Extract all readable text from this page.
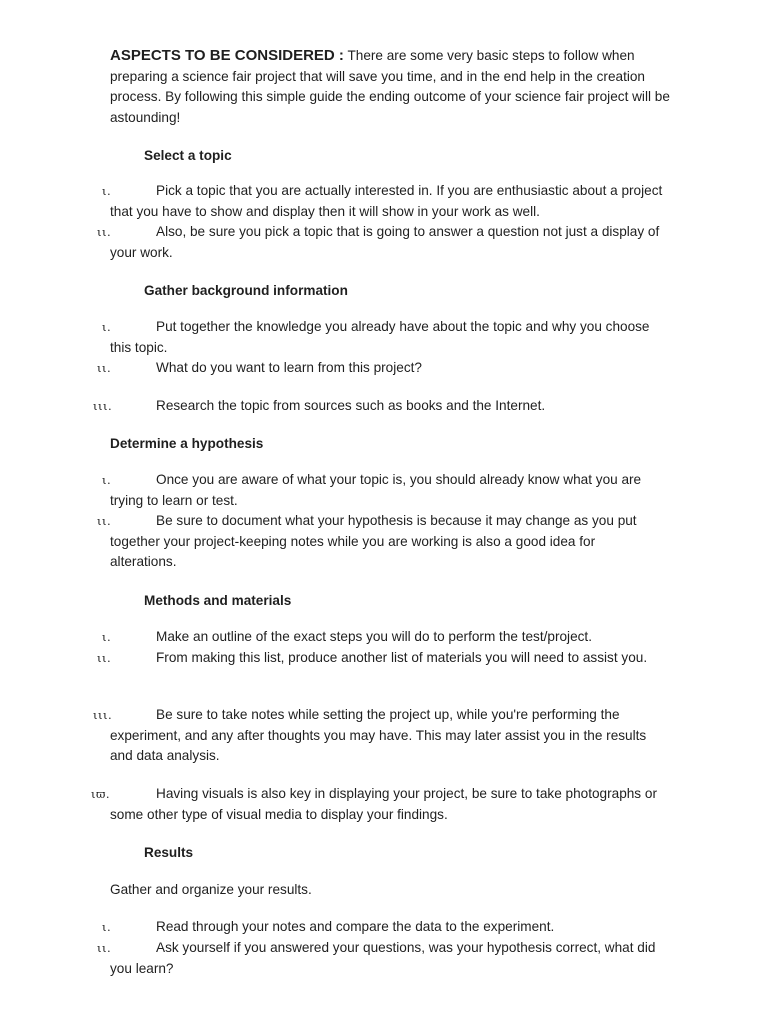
ASPECTS TO BE CONSIDERED : There are some very basic steps to follow when preparing a science fair project that will save you time, and in the end help in the creation process. By following this simple guide the ending outcome of your science fair project will be astounding!
Select a topic
ι.	Pick a topic that you are actually interested in. If you are enthusiastic about a project that you have to show and display then it will show in your work as well.
ιι.	Also, be sure you pick a topic that is going to answer a question not just a display of your work.
Gather background information
ι.	Put together the knowledge you already have about the topic and why you choose this topic.
ιι.	What do you want to learn from this project?
ιιι.	Research the topic from sources such as books and the Internet.
Determine a hypothesis
ι.	Once you are aware of what your topic is, you should already know what you are trying to learn or test.
ιι.	Be sure to document what your hypothesis is because it may change as you put together your project-keeping notes while you are working is also a good idea for alterations.
Methods and materials
ι.	Make an outline of the exact steps you will do to perform the test/project.
ιι.	From making this list, produce another list of materials you will need to assist you.
ιιι.	Be sure to take notes while setting the project up, while you're performing the experiment, and any after thoughts you may have. This may later assist you in the results and data analysis.
ιϖ.	Having visuals is also key in displaying your project, be sure to take photographs or some other type of visual media to display your findings.
Results
Gather and organize your results.
ι.	Read through your notes and compare the data to the experiment.
ιι.	Ask yourself if you answered your questions, was your hypothesis correct, what did you learn?
